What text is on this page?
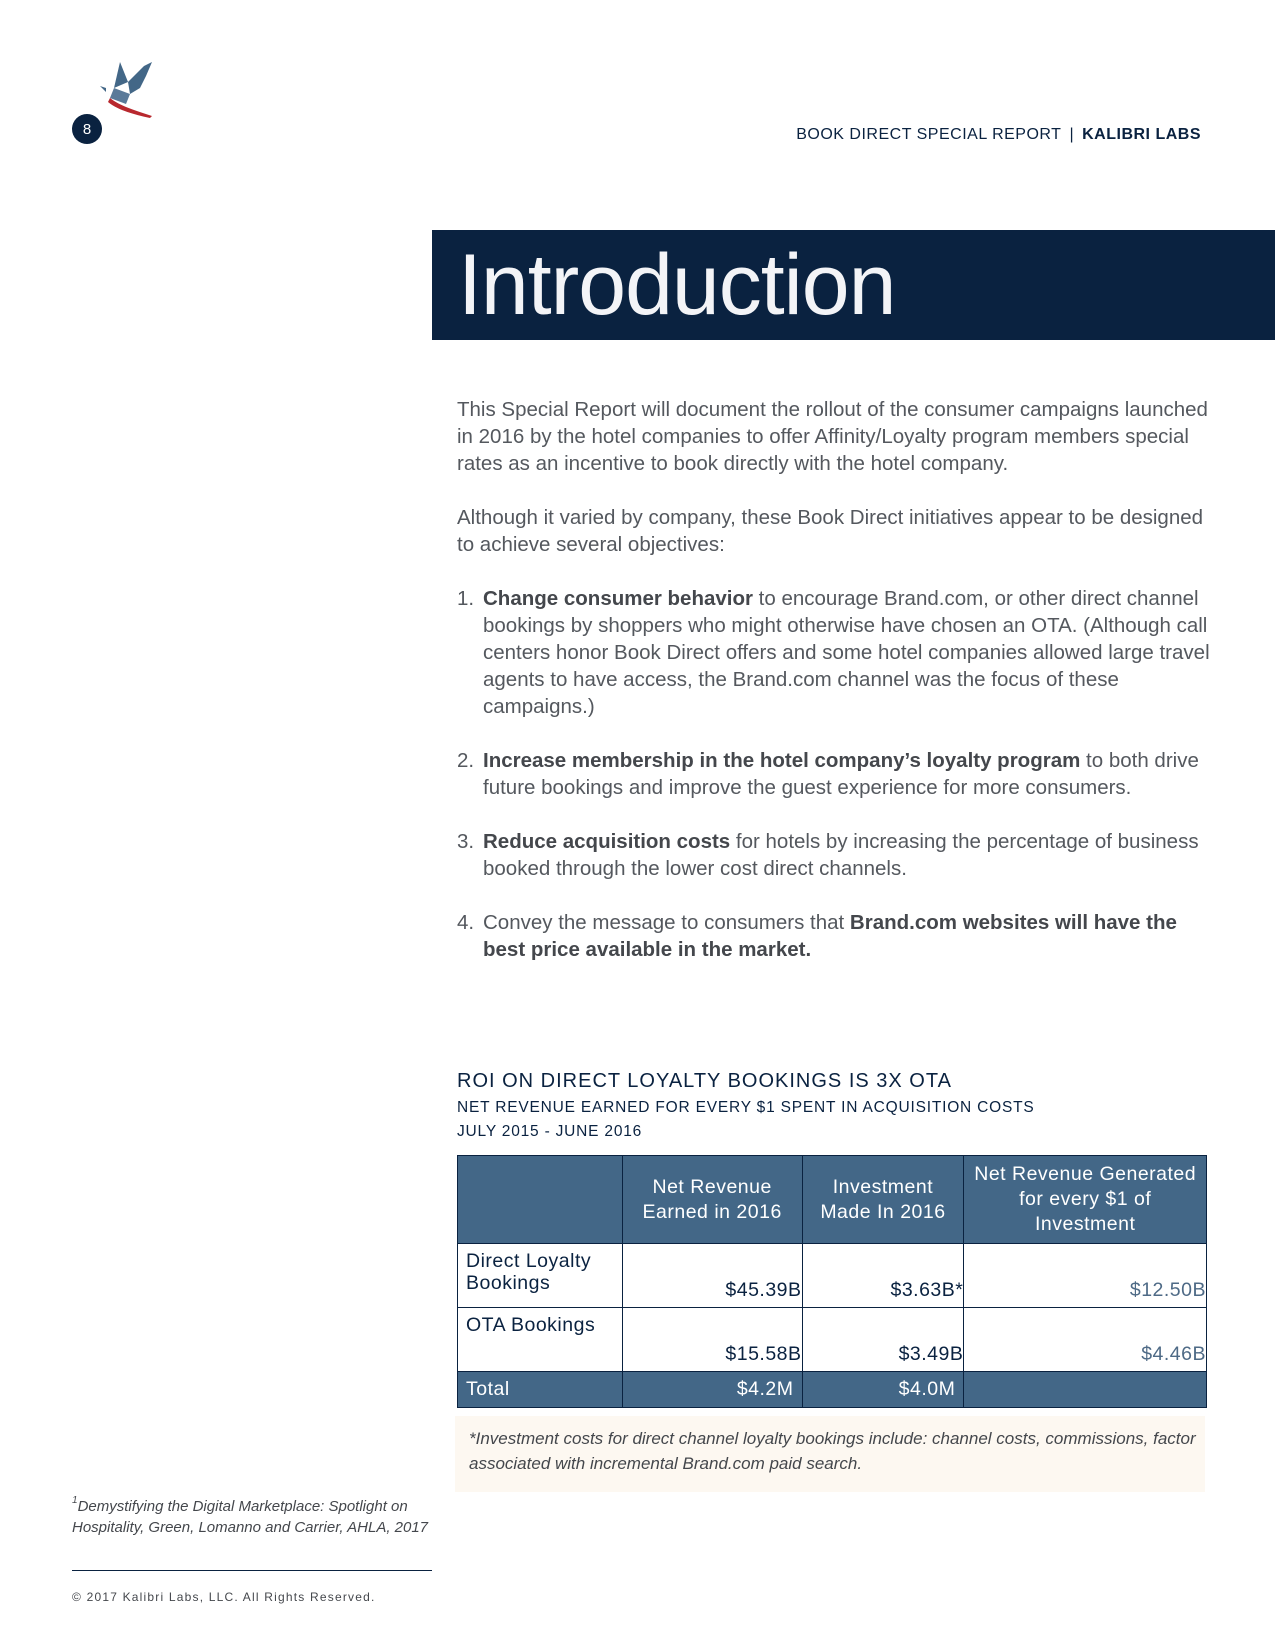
8	BOOK DIRECT SPECIAL REPORT | KALIBRI LABS
Introduction

This Special Report will document the rollout of the consumer campaigns launched in 2016 by the hotel companies to offer Affinity/Loyalty program members special rates as an incentive to book directly with the hotel company.

Although it varied by company, these Book Direct initiatives appear to be designed to achieve several objectives:

1. Change consumer behavior to encourage Brand.com, or other direct channel bookings by shoppers who might otherwise have chosen an OTA. (Although call centers honor Book Direct offers and some hotel companies allowed large travel agents to have access, the Brand.com channel was the focus of these campaigns.)
2. Increase membership in the hotel company’s loyalty program to both drive future bookings and improve the guest experience for more consumers.
3. Reduce acquisition costs for hotels by increasing the percentage of business booked through the lower cost direct channels.
4. Convey the message to consumers that Brand.com websites will have the best price available in the market.
ROI ON DIRECT LOYALTY BOOKINGS IS 3X OTA
NET REVENUE EARNED FOR EVERY $1 SPENT IN ACQUISITION COSTS
JULY 2015 - JUNE 2016
	Net Revenue Earned in 2016	Investment Made In 2016	Net Revenue Generated for every $1 of Investment
Direct Loyalty Bookings	$45.39B	$3.63B*	$12.50B
OTA Bookings	$15.58B	$3.49B	$4.46B
Total	$4.2M	$4.0M	
*Investment costs for direct channel loyalty bookings include: channel costs, commissions, factor associated with incremental Brand.com paid search.
$^1$Demystifying the Digital Marketplace: Spotlight on Hospitality, Green, Lomanno and Carrier, AHLA, 2017
© 2017 Kalibri Labs, LLC. All Rights Reserved.
